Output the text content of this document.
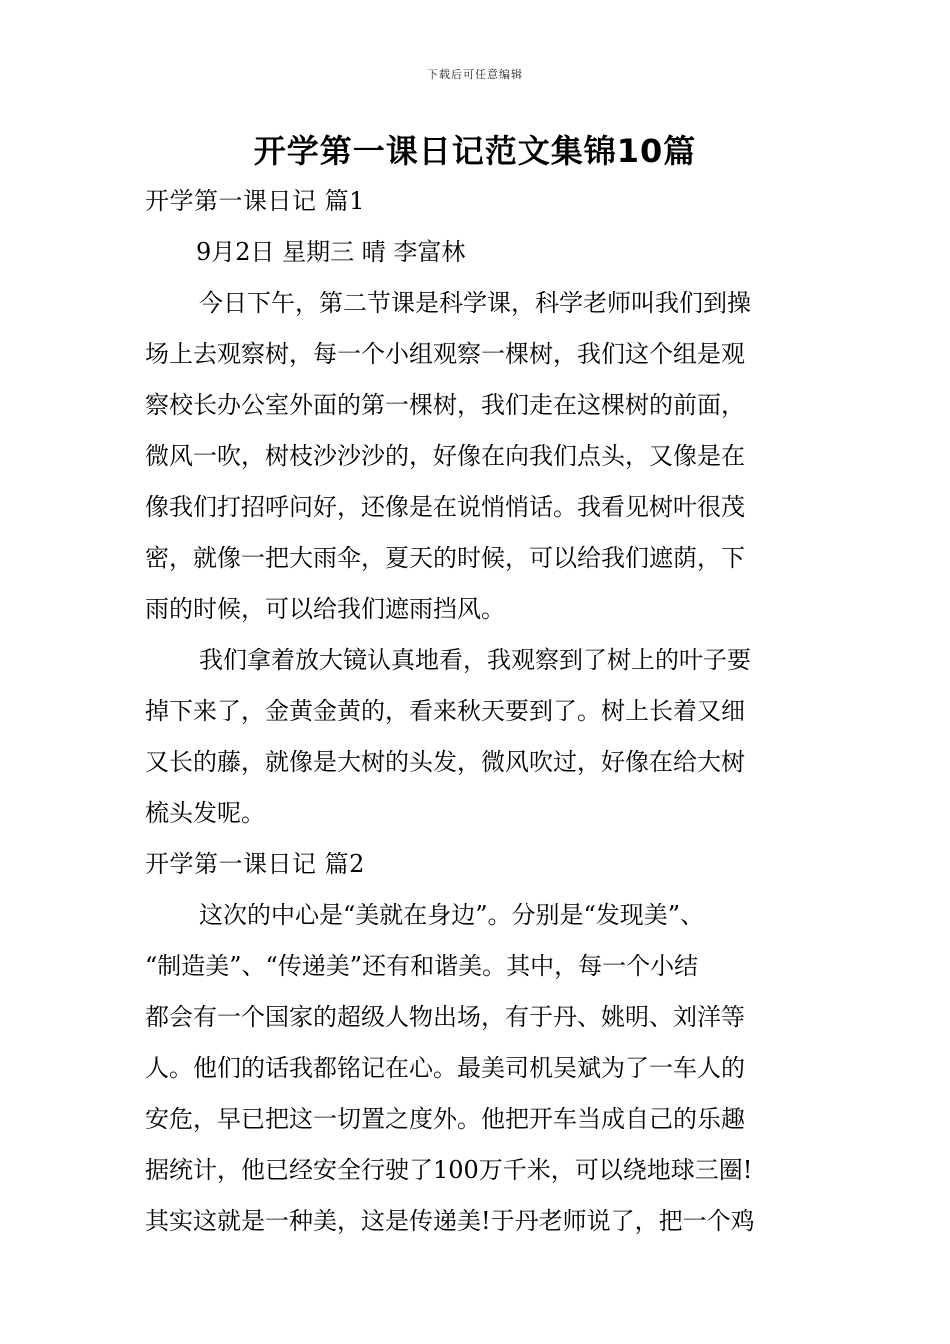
下载后可任意编辑
开学第一课日记范文集锦10篇
开学第一课日记 篇1
9月2日 星期三 晴 李富林
今日下午，第二节课是科学课，科学老师叫我们到操
场上去观察树，每一个小组观察一棵树，我们这个组是观
察校长办公室外面的第一棵树，我们走在这棵树的前面，
微风一吹，树枝沙沙沙的，好像在向我们点头，又像是在
像我们打招呼问好，还像是在说悄悄话。我看见树叶很茂
密，就像一把大雨伞，夏天的时候，可以给我们遮荫，下
雨的时候，可以给我们遮雨挡风。
我们拿着放大镜认真地看，我观察到了树上的叶子要
掉下来了，金黄金黄的，看来秋天要到了。树上长着又细
又长的藤，就像是大树的头发，微风吹过，好像在给大树
梳头发呢。
开学第一课日记 篇2
这次的中心是“美就在身边”。分别是“发现美”、
“制造美”、“传递美”还有和谐美。其中，每一个小结
都会有一个国家的超级人物出场，有于丹、姚明、刘洋等
人。他们的话我都铭记在心。最美司机吴斌为了一车人的
安危，早已把这一切置之度外。他把开车当成自己的乐趣
据统计，他已经安全行驶了100万千米，可以绕地球三圈!
其实这就是一种美，这是传递美!于丹老师说了，把一个鸡
